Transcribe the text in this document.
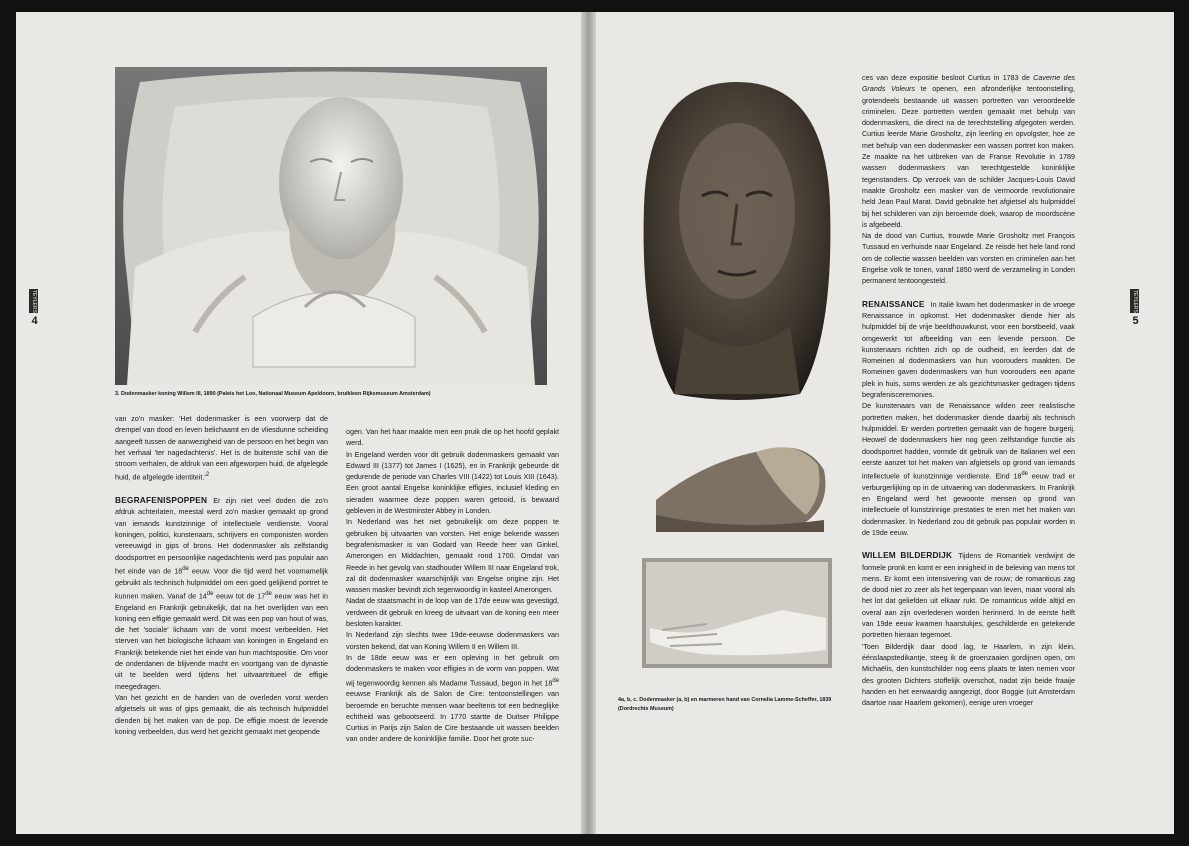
3. Dodenmasker koning Willem III, 1890 (Paleis het Loo, Nationaal Museum Apeldoorn, bruikleen Rijksmuseum Amsterdam)

van zo'n masker: 'Het dodenmasker is een voorwerp dat de drempel van dood en leven belichaamt en de vliesdunne scheiding aangeeft tussen de aanwezigheid van de persoon en het begin van het verhaal 'ter nagedachtenis'. Het is de buitenste schil van die stroom verhalen, de afdruk van een afgeworpen huid, de afgelegde huid, de afgelegde $identiteit.'^2$

BEGRAFENISPOPPEN Er zijn niet veel doden die zo'n afdruk achterlaten, meestal werd zo'n masker gemaakt op grond van iemands kunstzinnige of intellectuele verdienste. Vooral koningen, politici, kunstenaars, schrijvers en componisten worden vereeuwigd in gips of brons. Het dodenmasker als zelfstandig doodsportret en persoonlijke nagedachtenis werd pas populair aan het einde van de 18de eeuw. Voor die tijd werd het voornamelijk gebruikt als technisch hulpmiddel om een goed gelijkend portret te kunnen maken. Vanaf de 14de eeuw tot de 17de eeuw was het in Engeland en Frankrijk gebruikelijk, dat na het overlijden van een koning een effigie gemaakt werd. Dit was een pop van hout of was, die het 'sociale' lichaam van de vorst moest verbeelden. Het sterven van het biologische lichaam van koningen in Engeland en Frankrijk betekende niet het einde van hun machtspositie. Om voor de onderdanen de blijvende macht en voortgang van de dynastie uit te beelden werd tijdens het uitvaartritueel de effigie meegedragen.

Van het gezicht en de handen van de overleden vorst werden afgietsels uit was of gips gemaakt, die als technisch hulpmiddel dienden bij het maken van de pop. De effigie moest de levende koning verbeelden, dus werd het gezicht gemaakt met geopende

ogen. Van het haar maakte men een pruik die op het hoofd geplakt werd.

In Engeland werden voor dit gebruik dodenmaskers gemaakt van Edward III (1377) tot James I (1625), en in Frankrijk gebeurde dit gedurende de periode van Charles VIII (1422) tot Louis XIII (1643). Een groot aantal Engelse koninklijke effigies, inclusief kleding en sieraden waarmee deze poppen waren getooid, is bewaard gebleven in de Westminster Abbey in Londen.

In Nederland was het niet gebruikelijk om deze poppen te gebruiken bij uitvaarten van vorsten. Het enige bekende wassen begrafenismasker is van Godard van Reede heer van Ginkel, Amerongen en Middachten, gemaakt rond 1700. Omdat van Reede in het gevolg van stadhouder Willem III naar Engeland trok, zal dit dodenmasker waarschijnlijk van Engelse origine zijn. Het wassen masker bevindt zich tegenwoordig in kasteel Amerongen.

Nadat de staatsmacht in de loop van de 17de eeuw was gevestigd, verdween dit gebruik en kreeg de uitvaart van de koning een meer besloten karakter.

In Nederland zijn slechts twee 19de-eeuwse dodenmaskers van vorsten bekend, dat van Koning Willem II en Willem III.

In de 18de eeuw was er een opleving in het gebruik om dodenmaskers te maken voor effigies in de vorm van poppen. Wat wij tegenwoordig kennen als Madame Tussaud, begon in het 18de eeuwse Frankrijk als de Salon de Cire: tentoonstellingen van beroemde en beruchte mensen waar beeltenis tot een bedrieglijke echtheid was gebootseerd. In 1770 startte de Duitser Philippe Curtius in Parijs zijn Salon de Cire bestaande uit wassen beelden van onder andere de koninklijke familie. Door het grote suc-

TEYLERS
4
4a, b, c. Dodenmasker (a, b) en marmeren hand van Cornelia Lamme-Scheffer, 1839 (Dordrechts Museum)

ces van deze expositie besloot Curtius in 1783 de Caverne des Grands Voleurs te openen, een afzonderlijke tentoonstelling, grotendeels bestaande uit wassen portretten van veroordeelde criminelen. Deze portretten werden gemaakt met behulp van dodenmaskers, die direct na de terechtstelling afgegoten werden. Curtius leerde Marie Grosholtz, zijn leerling en opvolgster, hoe ze met behulp van een dodenmasker een wassen portret kon maken. Ze maakte na het uitbreken van de Franse Revolutie in 1789 wassen dodenmaskers van terechtgestelde koninklijke tegenstanders. Op verzoek van de schilder Jacques-Louis David maakte Grosholtz een masker van de vermoorde revolutionaire held Jean Paul Marat. David gebruikte het afgietsel als hulpmiddel bij het schilderen van zijn beroemde doek, waarop de moordscène is afgebeeld.

Na de dood van Curtius, trouwde Marie Grosholtz met François Tussaud en verhuisde naar Engeland. Ze reisde het hele land rond om de collectie wassen beelden van vorsten en criminelen aan het Engelse volk te tonen, vanaf 1850 werd de verzameling in Londen permanent tentoongesteld.

RENAISSANCE In Italië kwam het dodenmasker in de vroege Renaissance in opkomst. Het dodenmasker diende hier als hulpmiddel bij de vrije beeldhouwkunst, voor een borstbeeld, vaak omgewerkt tot afbeelding van een levende persoon. De kunstenaars richtten zich op de oudheid, en leerden dat de Romeinen al dodenmaskers van hun voorouders maakten. De Romeinen gaven dodenmaskers van hun voorouders een aparte plek in huis, soms werden ze als gezichtsmasker gedragen tijdens begrafenisceremonies.

De kunstenaars van de Renaissance wilden zeer realistische portretten maken, het dodenmasker diende daarbij als technisch hulpmiddel. Er werden portretten gemaakt van de hogere burgerij. Heowel de dodenmaskers hier nog geen zelfstandige functie als doodsportret hadden, vormde dit gebruik van de Italianen wel een eerste aanzet tot het maken van afgietsels op grond van iemands intellectuele of kunstzinnige verdienste. Eind 18de eeuw trad er verburgerlijking op in de uitvaering van dodenmaskers. In Frankrijk en Engeland werd het gewoonte mensen op grond van intellectuele of kunstzinnige prestaties te eren met het maken van dodenmasker. In Nederland zou dit gebruik pas populair worden in de 19de eeuw.

WILLEM BILDERDIJK Tijdens de Romantiek verdwijnt de formele pronk en komt er een innigheid in de beleving van mens tot mens. Er komt een intensivering van de rouw; de romanticus zag de dood niet zo zeer als het tegenpaan van leven, maar vooral als het lot dat geliefden uit elkaar rukt. De romanticus wilde altijd en overal aan zijn overledenen worden herinnerd. In de eerste helft van 19de eeuw kwamen haarstukjes, geschilderde en getekende portretten hieraan tegemoet.

'Toen Bilderdijk daar dood lag, te Haarlem, in zijn klein, éénslaapstedikantje, steeg ik de groenzaaien gordijnen open, om Michaëlis, den kunstschilder nog eens plaats te laten nemen voor des grooten Dichters stoffelijk overschot, nadat zijn beide fraaije handen en het eerwaardig aangezigt, door Boggie (uit Amsterdam daartoe naar Haarlem gekomen), eenige uren vroeger

TEYLERS
5
